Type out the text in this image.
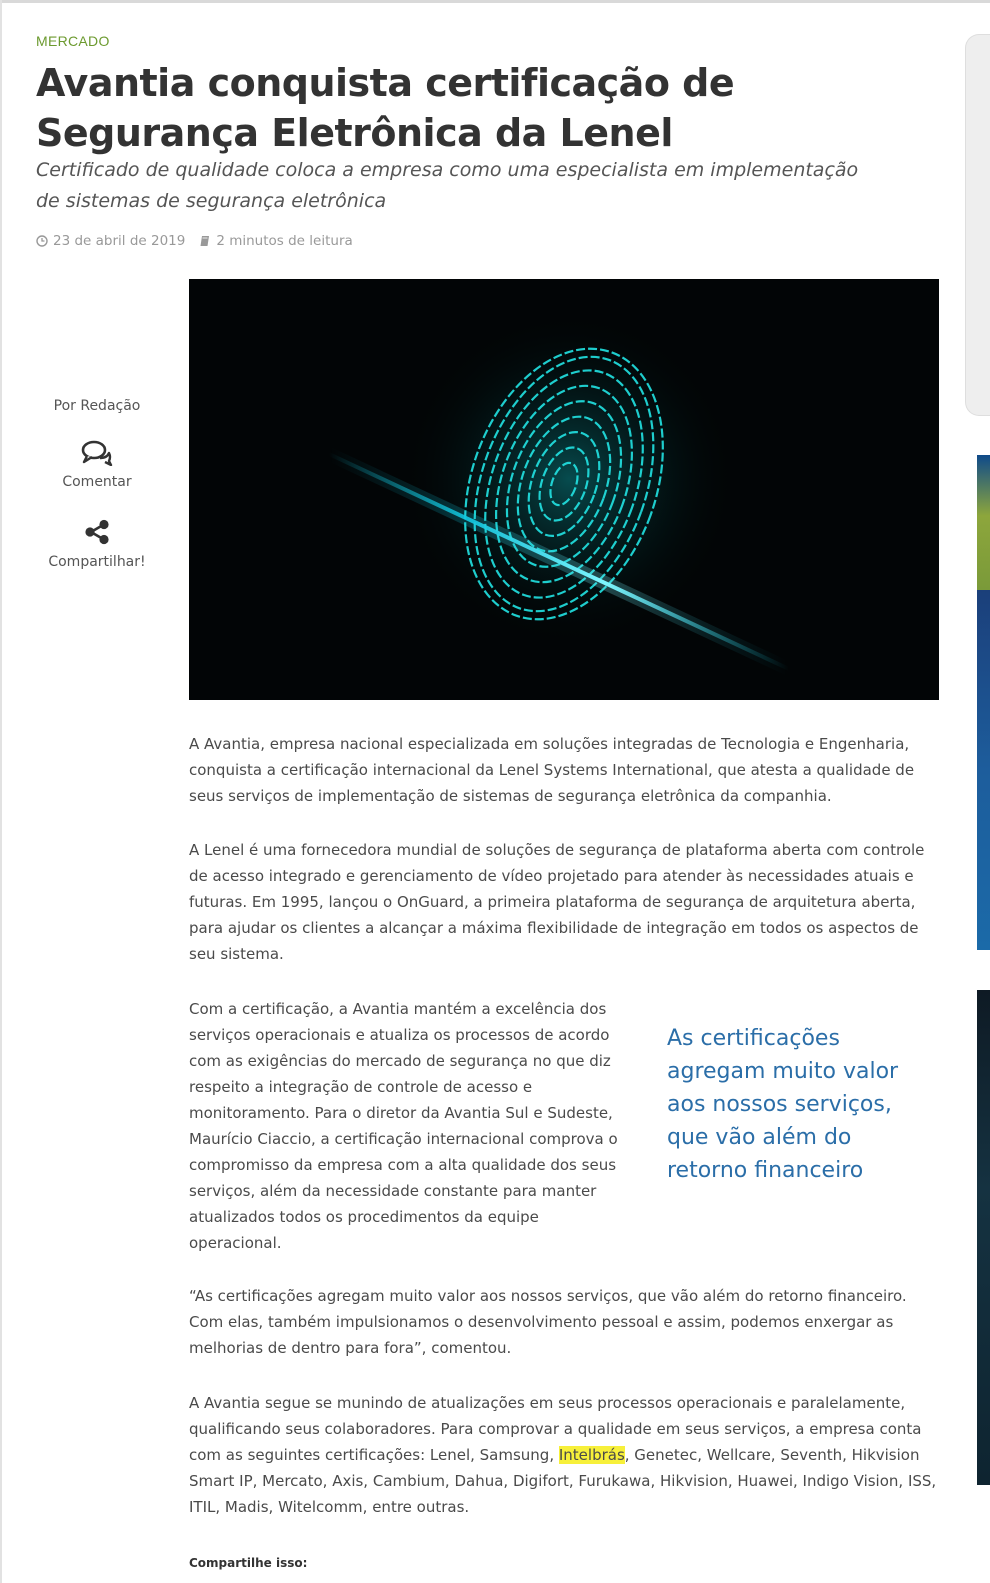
MERCADO
Avantia conquista certificação de Segurança Eletrônica da Lenel

Certificado de qualidade coloca a empresa como uma especialista em implementação de sistemas de segurança eletrônica

23 de abril de 2019 2 minutos de leitura
Por Redação
Comentar
Compartilhar!

A Avantia, empresa nacional especializada em soluções integradas de Tecnologia e Engenharia, conquista a certificação internacional da Lenel Systems International, que atesta a qualidade de seus serviços de implementação de sistemas de segurança eletrônica da companhia.

A Lenel é uma fornecedora mundial de soluções de segurança de plataforma aberta com controle de acesso integrado e gerenciamento de vídeo projetado para atender às necessidades atuais e futuras. Em 1995, lançou o OnGuard, a primeira plataforma de segurança de arquitetura aberta, para ajudar os clientes a alcançar a máxima flexibilidade de integração em todos os aspectos de seu sistema.

Com a certificação, a Avantia mantém a excelência dos serviços operacionais e atualiza os processos de acordo com as exigências do mercado de segurança no que diz respeito a integração de controle de acesso e monitoramento. Para o diretor da Avantia Sul e Sudeste, Maurício Ciaccio, a certificação internacional comprova o compromisso da empresa com a alta qualidade dos seus serviços, além da necessidade constante para manter atualizados todos os procedimentos da equipe operacional.

As certificações agregam muito valor aos nossos serviços, que vão além do retorno financeiro

“As certificações agregam muito valor aos nossos serviços, que vão além do retorno financeiro. Com elas, também impulsionamos o desenvolvimento pessoal e assim, podemos enxergar as melhorias de dentro para fora”, comentou.

A Avantia segue se munindo de atualizações em seus processos operacionais e paralelamente, qualificando seus colaboradores. Para comprovar a qualidade em seus serviços, a empresa conta com as seguintes certificações: Lenel, Samsung, Intelbrás, Genetec, Wellcare, Seventh, Hikvision Smart IP, Mercato, Axis, Cambium, Dahua, Digifort, Furukawa, Hikvision, Huawei, Indigo Vision, ISS, ITIL, Madis, Witelcomm, entre outras.

Compartilhe isso:
